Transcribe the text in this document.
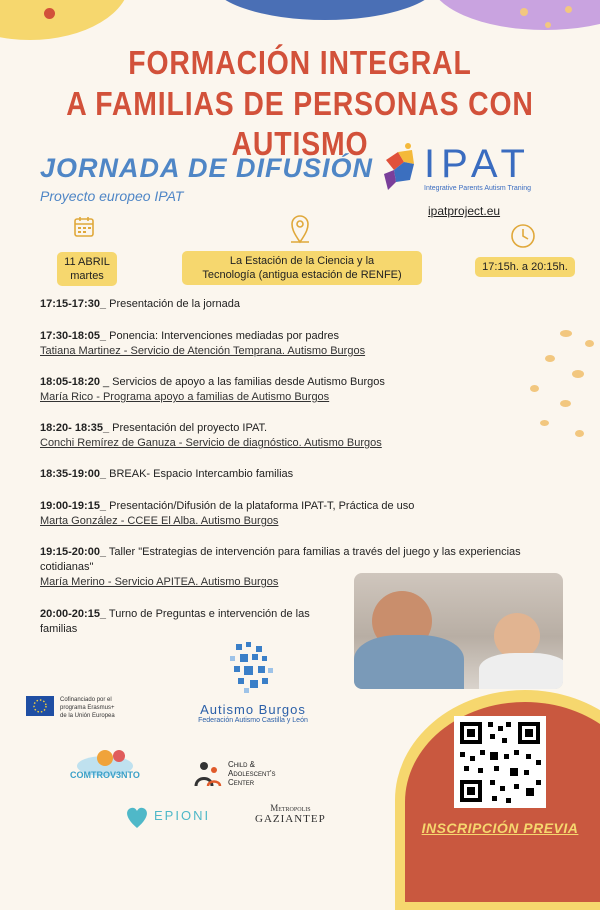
FORMACIÓN INTEGRAL
A FAMILIAS DE PERSONAS CON AUTISMO
JORNADA DE DIFUSIÓN
Proyecto europeo IPAT
IPAT
Integrative Parents Autism Traning
ipatproject.eu
11 ABRIL
martes
La Estación de la Ciencia y la
Tecnología (antigua estación de RENFE)
17:15h. a 20:15h.
17:15-17:30_ Presentación de la jornada
17:30-18:05_ Ponencia: Intervenciones mediadas por padres
Tatiana Martinez - Servicio de Atención Temprana. Autismo Burgos
18:05-18:20 _ Servicios de apoyo a las familias desde Autismo Burgos
María Rico - Programa apoyo a familias de Autismo Burgos
18:20- 18:35_ Presentación del proyecto IPAT.
Conchi Remírez de Ganuza - Servicio de diagnóstico. Autismo Burgos
18:35-19:00_ BREAK- Espacio Intercambio familias
19:00-19:15_ Presentación/Difusión de la plataforma IPAT-T, Práctica de uso
Marta González - CCEE El Alba. Autismo Burgos
19:15-20:00_ Taller "Estrategias de intervención para familias a través del juego y las experiencias cotidianas"
María Merino - Servicio APITEA. Autismo Burgos
20:00-20:15_ Turno de Preguntas e intervención de las familias
Autismo Burgos
Federación Autismo Castilla y León
Cofinanciado por el
programa Erasmus+
de la Unión Europea
COMTROV3NTO
Child &
Adolescent's
Center
EPIONI	Metropolis
GAZIANTEP
INSCRIPCIÓN PREVIA
